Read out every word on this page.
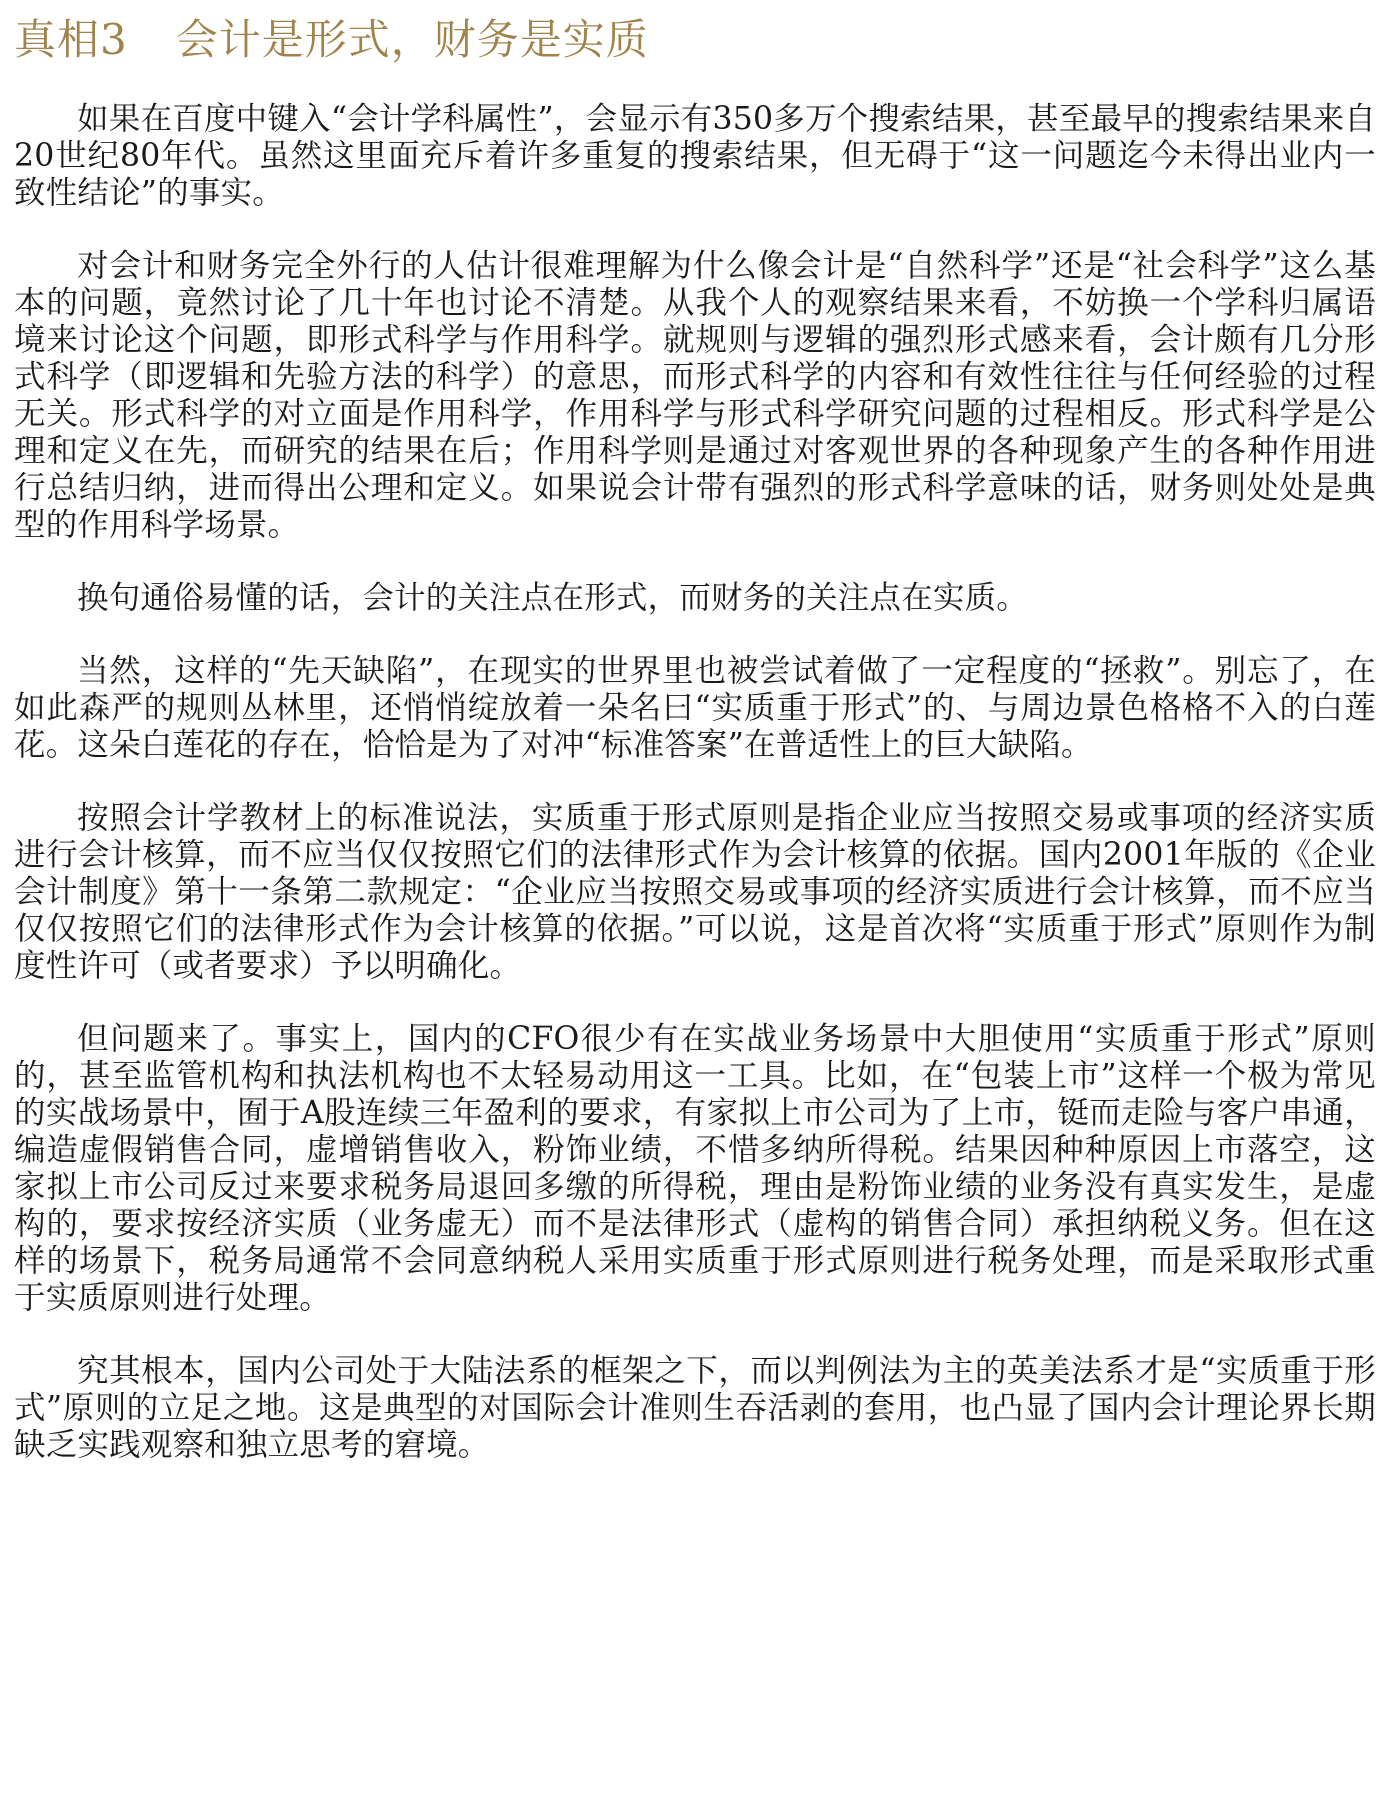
真相3 会计是形式，财务是实质

如果在百度中键入“会计学科属性”，会显示有350多万个搜索结果，甚至最早的搜索结果来自20世纪80年代。虽然这里面充斥着许多重复的搜索结果，但无碍于“这一问题迄今未得出业内一致性结论”的事实。

对会计和财务完全外行的人估计很难理解为什么像会计是“自然科学”还是“社会科学”这么基本的问题，竟然讨论了几十年也讨论不清楚。从我个人的观察结果来看，不妨换一个学科归属语境来讨论这个问题，即形式科学与作用科学。就规则与逻辑的强烈形式感来看，会计颇有几分形式科学（即逻辑和先验方法的科学）的意思，而形式科学的内容和有效性往往与任何经验的过程无关。形式科学的对立面是作用科学，作用科学与形式科学研究问题的过程相反。形式科学是公理和定义在先，而研究的结果在后；作用科学则是通过对客观世界的各种现象产生的各种作用进行总结归纳，进而得出公理和定义。如果说会计带有强烈的形式科学意味的话，财务则处处是典型的作用科学场景。

换句通俗易懂的话，会计的关注点在形式，而财务的关注点在实质。

当然，这样的“先天缺陷”，在现实的世界里也被尝试着做了一定程度的“拯救”。别忘了，在如此森严的规则丛林里，还悄悄绽放着一朵名曰“实质重于形式”的、与周边景色格格不入的白莲花。这朵白莲花的存在，恰恰是为了对冲“标准答案”在普适性上的巨大缺陷。

按照会计学教材上的标准说法，实质重于形式原则是指企业应当按照交易或事项的经济实质进行会计核算，而不应当仅仅按照它们的法律形式作为会计核算的依据。国内2001年版的《企业会计制度》第十一条第二款规定：“企业应当按照交易或事项的经济实质进行会计核算，而不应当仅仅按照它们的法律形式作为会计核算的依据。”可以说，这是首次将“实质重于形式”原则作为制度性许可（或者要求）予以明确化。

但问题来了。事实上，国内的CFO很少有在实战业务场景中大胆使用“实质重于形式”原则的，甚至监管机构和执法机构也不太轻易动用这一工具。比如，在“包装上市”这样一个极为常见的实战场景中，囿于A股连续三年盈利的要求，有家拟上市公司为了上市，铤而走险与客户串通，编造虚假销售合同，虚增销售收入，粉饰业绩，不惜多纳所得税。结果因种种原因上市落空，这家拟上市公司反过来要求税务局退回多缴的所得税，理由是粉饰业绩的业务没有真实发生，是虚构的，要求按经济实质（业务虚无）而不是法律形式（虚构的销售合同）承担纳税义务。但在这样的场景下，税务局通常不会同意纳税人采用实质重于形式原则进行税务处理，而是采取形式重于实质原则进行处理。

究其根本，国内公司处于大陆法系的框架之下，而以判例法为主的英美法系才是“实质重于形式”原则的立足之地。这是典型的对国际会计准则生吞活剥的套用，也凸显了国内会计理论界长期缺乏实践观察和独立思考的窘境。
